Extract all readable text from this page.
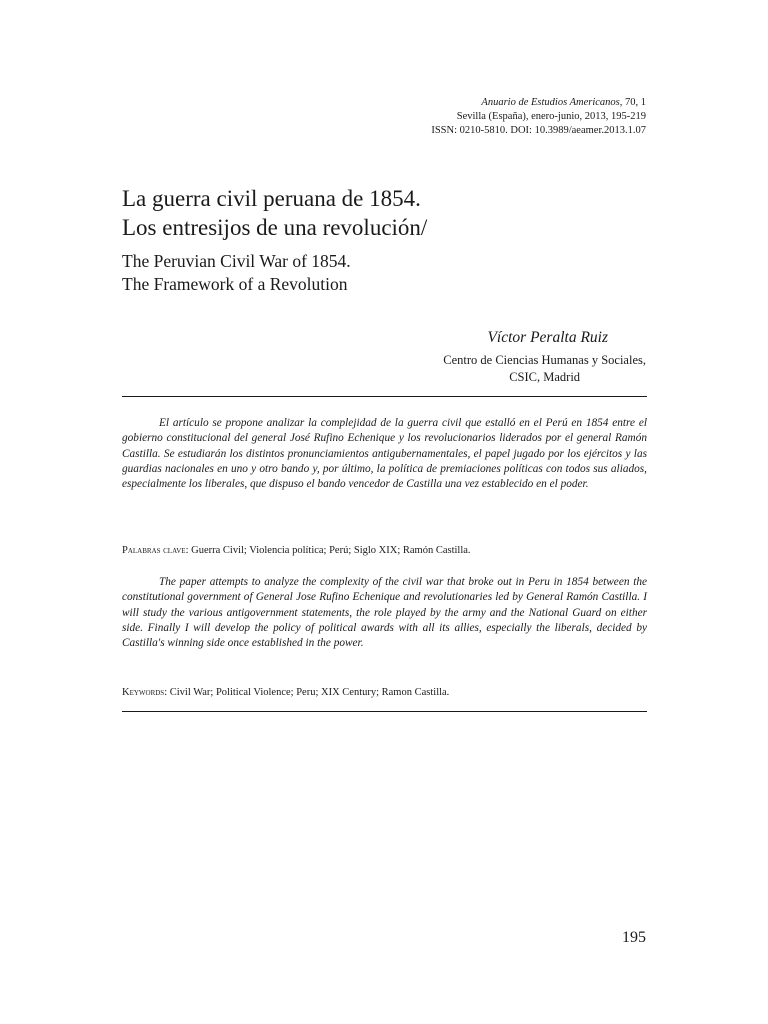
Anuario de Estudios Americanos, 70, 1
Sevilla (España), enero-junio, 2013, 195-219
ISSN: 0210-5810. DOI: 10.3989/aeamer.2013.1.07
La guerra civil peruana de 1854.
Los entresijos de una revolución/
The Peruvian Civil War of 1854.
The Framework of a Revolution
Víctor Peralta Ruiz
Centro de Ciencias Humanas y Sociales,
CSIC, Madrid

El artículo se propone analizar la complejidad de la guerra civil que estalló en el Perú en 1854 entre el gobierno constitucional del general José Rufino Echenique y los revolucionarios liderados por el general Ramón Castilla. Se estudiarán los distintos pronunciamientos antigubernamentales, el papel jugado por los ejércitos y las guardias nacionales en uno y otro bando y, por último, la política de premiaciones políticas con todos sus aliados, especialmente los liberales, que dispuso el bando vencedor de Castilla una vez establecido en el poder.

Palabras clave: Guerra Civil; Violencia política; Perú; Siglo XIX; Ramón Castilla.

The paper attempts to analyze the complexity of the civil war that broke out in Peru in 1854 between the constitutional government of General Jose Rufino Echenique and revolutionaries led by General Ramón Castilla. I will study the various antigovernment statements, the role played by the army and the National Guard on either side. Finally I will develop the policy of political awards with all its allies, especially the liberals, decided by Castilla's winning side once established in the power.

Keywords: Civil War; Political Violence; Peru; XIX Century; Ramon Castilla.

195
